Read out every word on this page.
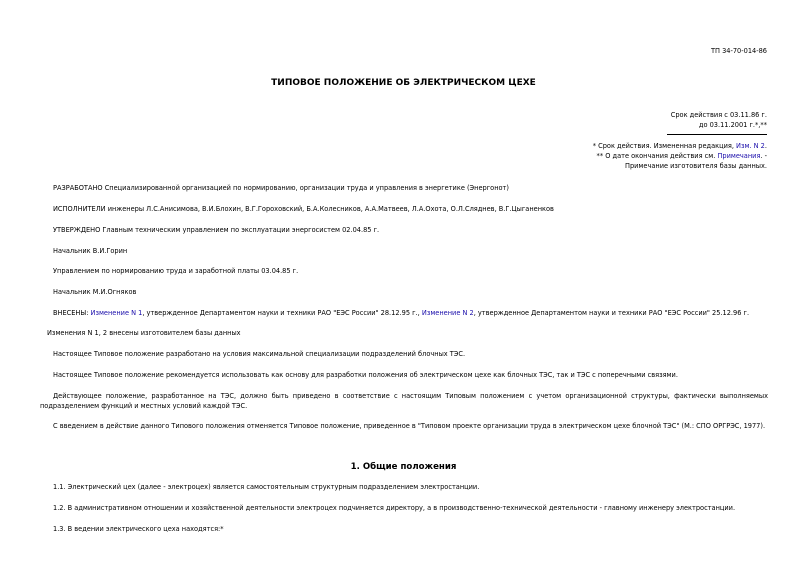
ТП 34-70-014-86
ТИПОВОЕ ПОЛОЖЕНИЕ ОБ ЭЛЕКТРИЧЕСКОМ ЦЕХЕ
Срок действия с 03.11.86 г.
до 03.11.2001 г.*,**
* Срок действия. Измененная редакция, Изм. N 2.
** О дате окончания действия см. Примечания. -
Примечание изготовителя базы данных.
РАЗРАБОТАНО Специализированной организацией по нормированию, организации труда и управления в энергетике (Энергонот)
ИСПОЛНИТЕЛИ инженеры Л.С.Анисимова, В.И.Блохин, В.Г.Гороховский, Б.А.Колесников, А.А.Матвеев, Л.А.Охота, О.Л.Сляднев, В.Г.Цыганенков
УТВЕРЖДЕНО Главным техническим управлением по эксплуатации энергосистем 02.04.85 г.
Начальник В.И.Горин
Управлением по нормированию труда и заработной платы 03.04.85 г.
Начальник М.И.Огняков
ВНЕСЕНЫ: Изменение N 1, утвержденное Департаментом науки и техники РАО "ЕЭС России" 28.12.95 г., Изменение N 2, утвержденное Департаментом науки и техники РАО "ЕЭС России" 25.12.96 г.
Изменения N 1, 2 внесены изготовителем базы данных
Настоящее Типовое положение разработано на условия максимальной специализации подразделений блочных ТЭС.
Настоящее Типовое положение рекомендуется использовать как основу для разработки положения об электрическом цехе как блочных ТЭС, так и ТЭС с поперечными связями.
Действующее положение, разработанное на ТЭС, должно быть приведено в соответствие с настоящим Типовым положением с учетом организационной структуры, фактически выполняемых подразделением функций и местных условий каждой ТЭС.
С введением в действие данного Типового положения отменяется Типовое положение, приведенное в "Типовом проекте организации труда в электрическом цехе блочной ТЭС" (М.: СПО ОРГРЭС, 1977).
1. Общие положения
1.1. Электрический цех (далее - электроцех) является самостоятельным структурным подразделением электростанции.
1.2. В административном отношении и хозяйственной деятельности электроцех подчиняется директору, а в производственно-технической деятельности - главному инженеру электростанции.
1.3. В ведении электрического цеха находятся:*
